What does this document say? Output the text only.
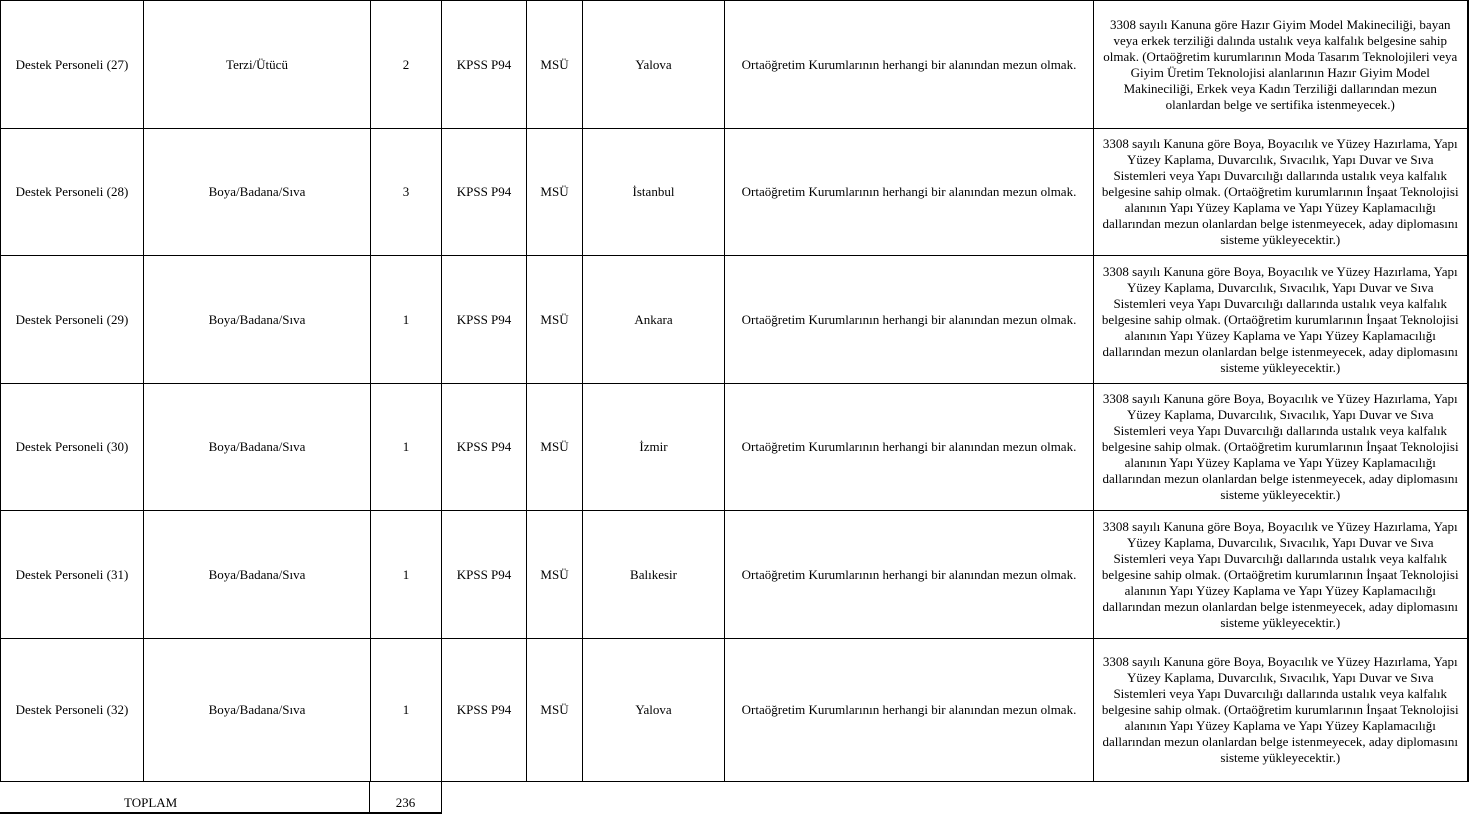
Destek Personeli (27)	Terzi/Ütücü	2	KPSS P94	MSÜ	Yalova	Ortaöğretim Kurumlarının herhangi bir alanından mezun olmak.	3308 sayılı Kanuna göre Hazır Giyim Model Makineciliği, bayan veya erkek terziliği dalında ustalık veya kalfalık belgesine sahip olmak. (Ortaöğretim kurumlarının Moda Tasarım Teknolojileri veya Giyim Üretim Teknolojisi alanlarının Hazır Giyim Model Makineciliği, Erkek veya Kadın Terziliği dallarından mezun olanlardan belge ve sertifika istenmeyecek.)
Destek Personeli (28)	Boya/Badana/Sıva	3	KPSS P94	MSÜ	İstanbul	Ortaöğretim Kurumlarının herhangi bir alanından mezun olmak.	3308 sayılı Kanuna göre Boya, Boyacılık ve Yüzey Hazırlama, Yapı Yüzey Kaplama, Duvarcılık, Sıvacılık, Yapı Duvar ve Sıva Sistemleri veya Yapı Duvarcılığı dallarında ustalık veya kalfalık belgesine sahip olmak. (Ortaöğretim kurumlarının İnşaat Teknolojisi alanının Yapı Yüzey Kaplama ve Yapı Yüzey Kaplamacılığı dallarından mezun olanlardan belge istenmeyecek, aday diplomasını sisteme yükleyecektir.)
Destek Personeli (29)	Boya/Badana/Sıva	1	KPSS P94	MSÜ	Ankara	Ortaöğretim Kurumlarının herhangi bir alanından mezun olmak.	3308 sayılı Kanuna göre Boya, Boyacılık ve Yüzey Hazırlama, Yapı Yüzey Kaplama, Duvarcılık, Sıvacılık, Yapı Duvar ve Sıva Sistemleri veya Yapı Duvarcılığı dallarında ustalık veya kalfalık belgesine sahip olmak. (Ortaöğretim kurumlarının İnşaat Teknolojisi alanının Yapı Yüzey Kaplama ve Yapı Yüzey Kaplamacılığı dallarından mezun olanlardan belge istenmeyecek, aday diplomasını sisteme yükleyecektir.)
Destek Personeli (30)	Boya/Badana/Sıva	1	KPSS P94	MSÜ	İzmir	Ortaöğretim Kurumlarının herhangi bir alanından mezun olmak.	3308 sayılı Kanuna göre Boya, Boyacılık ve Yüzey Hazırlama, Yapı Yüzey Kaplama, Duvarcılık, Sıvacılık, Yapı Duvar ve Sıva Sistemleri veya Yapı Duvarcılığı dallarında ustalık veya kalfalık belgesine sahip olmak. (Ortaöğretim kurumlarının İnşaat Teknolojisi alanının Yapı Yüzey Kaplama ve Yapı Yüzey Kaplamacılığı dallarından mezun olanlardan belge istenmeyecek, aday diplomasını sisteme yükleyecektir.)
Destek Personeli (31)	Boya/Badana/Sıva	1	KPSS P94	MSÜ	Balıkesir	Ortaöğretim Kurumlarının herhangi bir alanından mezun olmak.	3308 sayılı Kanuna göre Boya, Boyacılık ve Yüzey Hazırlama, Yapı Yüzey Kaplama, Duvarcılık, Sıvacılık, Yapı Duvar ve Sıva Sistemleri veya Yapı Duvarcılığı dallarında ustalık veya kalfalık belgesine sahip olmak. (Ortaöğretim kurumlarının İnşaat Teknolojisi alanının Yapı Yüzey Kaplama ve Yapı Yüzey Kaplamacılığı dallarından mezun olanlardan belge istenmeyecek, aday diplomasını sisteme yükleyecektir.)
Destek Personeli (32)	Boya/Badana/Sıva	1	KPSS P94	MSÜ	Yalova	Ortaöğretim Kurumlarının herhangi bir alanından mezun olmak.	3308 sayılı Kanuna göre Boya, Boyacılık ve Yüzey Hazırlama, Yapı Yüzey Kaplama, Duvarcılık, Sıvacılık, Yapı Duvar ve Sıva Sistemleri veya Yapı Duvarcılığı dallarında ustalık veya kalfalık belgesine sahip olmak. (Ortaöğretim kurumlarının İnşaat Teknolojisi alanının Yapı Yüzey Kaplama ve Yapı Yüzey Kaplamacılığı dallarından mezun olanlardan belge istenmeyecek, aday diplomasını sisteme yükleyecektir.)
TOPLAM	236
